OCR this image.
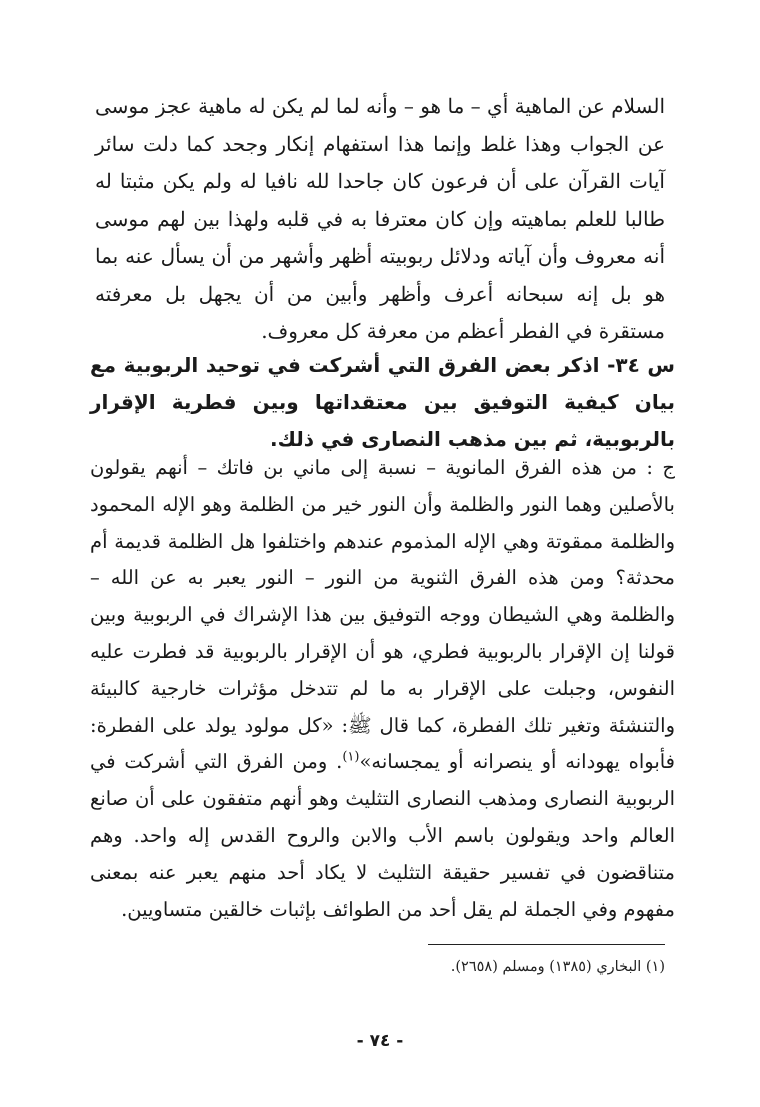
السلام عن الماهية أي – ما هو – وأنه لما لم يكن له ماهية عجز موسى عن الجواب وهذا غلط وإنما هذا استفهام إنكار وجحد كما دلت سائر آيات القرآن على أن فرعون كان جاحدا لله نافيا له ولم يكن مثبتا له طالبا للعلم بماهيته وإن كان معترفا به في قلبه ولهذا بين لهم موسى أنه معروف وأن آياته ودلائل ربوبيته أظهر وأشهر من أن يسأل عنه بما هو بل إنه سبحانه أعرف وأظهر وأبين من أن يجهل بل معرفته مستقرة في الفطر أعظم من معرفة كل معروف.

س ٣٤- اذكر بعض الفرق التي أشركت في توحيد الربوبية مع بيان كيفية التوفيق بين معتقداتها وبين فطرية الإقرار بالربوبية، ثم بين مذهب النصارى في ذلك.
ج : من هذه الفرق المانوية – نسبة إلى ماني بن فاتك – أنهم يقولون بالأصلين وهما النور والظلمة وأن النور خير من الظلمة وهو الإله المحمود والظلمة ممقوتة وهي الإله المذموم عندهم واختلفوا هل الظلمة قديمة أم محدثة؟ ومن هذه الفرق الثنوية من النور – النور يعبر به عن الله – والظلمة وهي الشيطان ووجه التوفيق بين هذا الإشراك في الربوبية وبين قولنا إن الإقرار بالربوبية فطري، هو أن الإقرار بالربوبية قد فطرت عليه النفوس، وجبلت على الإقرار به ما لم تتدخل مؤثرات خارجية كالبيئة والتنشئة وتغير تلك الفطرة، كما قال ﷺ: «كل مولود يولد على الفطرة: فأبواه يهودانه أو ينصرانه أو يمجسانه»$^{(١)}$. ومن الفرق التي أشركت في الربوبية النصارى ومذهب النصارى التثليث وهو أنهم متفقون على أن صانع العالم واحد ويقولون باسم الأب والابن والروح القدس إله واحد. وهم متناقضون في تفسير حقيقة التثليث لا يكاد أحد منهم يعبر عنه بمعنى مفهوم وفي الجملة لم يقل أحد من الطوائف بإثبات خالقين متساويين.
(١) البخاري (١٣٨٥) ومسلم (٢٦٥٨).
- ٧٤ -
